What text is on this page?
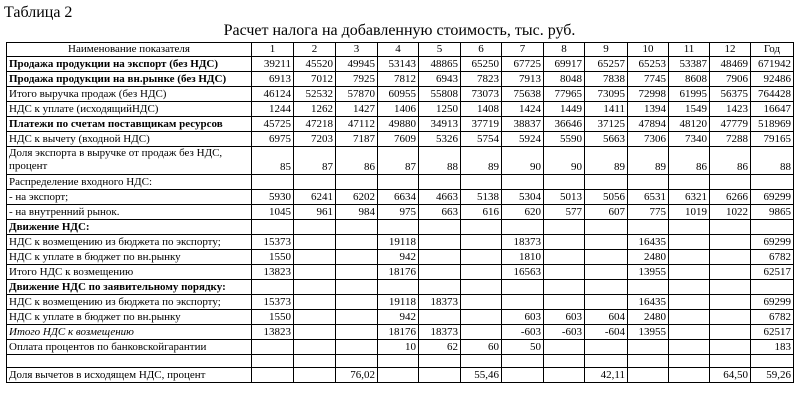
Таблица 2
Расчет налога на добавленную стоимость, тыс. руб.
Наименование показателя	1	2	3	4	5	6	7	8	9	10	11	12	Год
Продажа продукции на экспорт (без НДС)	39211	45520	49945	53143	48865	65250	67725	69917	65257	65253	53387	48469	671942
Продажа продукции на вн.рынке (без НДС)	6913	7012	7925	7812	6943	7823	7913	8048	7838	7745	8608	7906	92486
Итого выручка продаж (без НДС)	46124	52532	57870	60955	55808	73073	75638	77965	73095	72998	61995	56375	764428
НДС к уплате (исходящийНДС)	1244	1262	1427	1406	1250	1408	1424	1449	1411	1394	1549	1423	16647
Платежи по счетам поставщикам ресурсов	45725	47218	47112	49880	34913	37719	38837	36646	37125	47894	48120	47779	518969
НДС к вычету (входной НДС)	6975	7203	7187	7609	5326	5754	5924	5590	5663	7306	7340	7288	79165
Доля экспорта в выручке от продаж без НДС, процент	85	87	86	87	88	89	90	90	89	89	86	86	88
Распределение входного НДС:													
- на экспорт;	5930	6241	6202	6634	4663	5138	5304	5013	5056	6531	6321	6266	69299
- на внутренний рынок.	1045	961	984	975	663	616	620	577	607	775	1019	1022	9865
Движение НДС:													
НДС к возмещению из бюджета по экспорту;	15373			19118			18373			16435			69299
НДС к уплате в бюджет по вн.рынку	1550			942			1810			2480			6782
Итого НДС к возмещению	13823			18176			16563			13955			62517
Движение НДС по заявительному порядку:													
НДС к возмещению из бюджета по экспорту;	15373			19118	18373					16435			69299
НДС к уплате в бюджет по вн.рынку	1550			942			603	603	604	2480			6782
Итого НДС к возмещению	13823			18176	18373		-603	-603	-604	13955			62517
Оплата процентов по банковскойгарантии				10	62	60	50						183

Доля вычетов в исходящем НДС, процент			76,02			55,46			42,11			64,50	59,26
